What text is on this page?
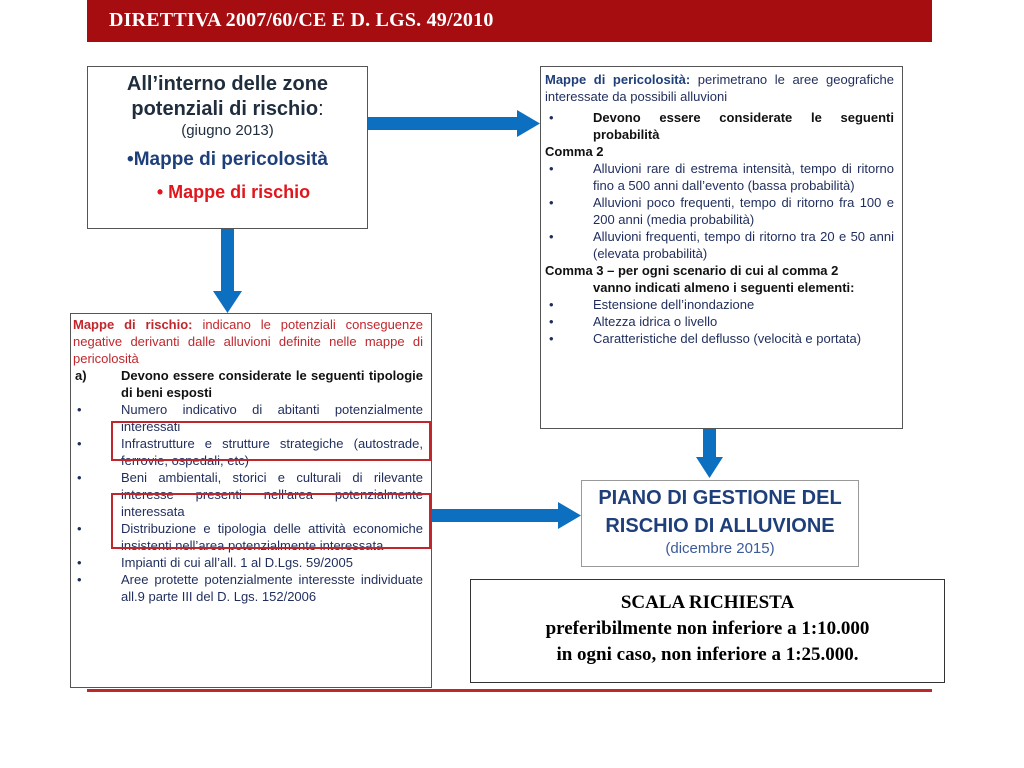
DIRETTIVA 2007/60/CE E D. LGS. 49/2010
All’interno delle zone
potenziali di rischio:
(giugno 2013)
•Mappe di pericolosità
• Mappe di rischio
Mappe di pericolosità: perimetrano le aree geografiche interessate da possibili alluvioni
•	Devono essere considerate le seguenti probabilità
Comma 2
•	Alluvioni rare di estrema intensità, tempo di ritorno fino a 500 anni dall’evento (bassa probabilità)
•	Alluvioni poco frequenti, tempo di ritorno fra 100 e 200 anni (media probabilità)
•	Alluvioni frequenti, tempo di ritorno tra 20 e 50 anni (elevata probabilità)
Comma 3 – per ogni scenario di cui al comma 2
vanno indicati almeno i seguenti elementi:
•	Estensione dell’inondazione
•	Altezza idrica o livello
•	Caratteristiche del deflusso (velocità e portata)
Mappe di rischio: indicano le potenziali conseguenze negative derivanti dalle alluvioni definite nelle mappe di pericolosità
a)	Devono essere considerate le seguenti tipologie di beni esposti
•	Numero indicativo di abitanti potenzialmente interessati
•	Infrastrutture e strutture strategiche (autostrade, ferrovie, ospedali, etc)
•	Beni ambientali, storici e culturali di rilevante interesse presenti nell’area potenzialmente interessata
•	Distribuzione e tipologia delle attività economiche insistenti nell’area potenzialmente interessata
•	Impianti di cui all’all. 1 al D.Lgs. 59/2005
•	Aree protette potenzialmente interesste individuate all.9 parte III del D. Lgs. 152/2006
PIANO DI GESTIONE DEL
RISCHIO DI ALLUVIONE
(dicembre 2015)
SCALA RICHIESTA
preferibilmente non inferiore a 1:10.000
in ogni caso, non inferiore a 1:25.000.
